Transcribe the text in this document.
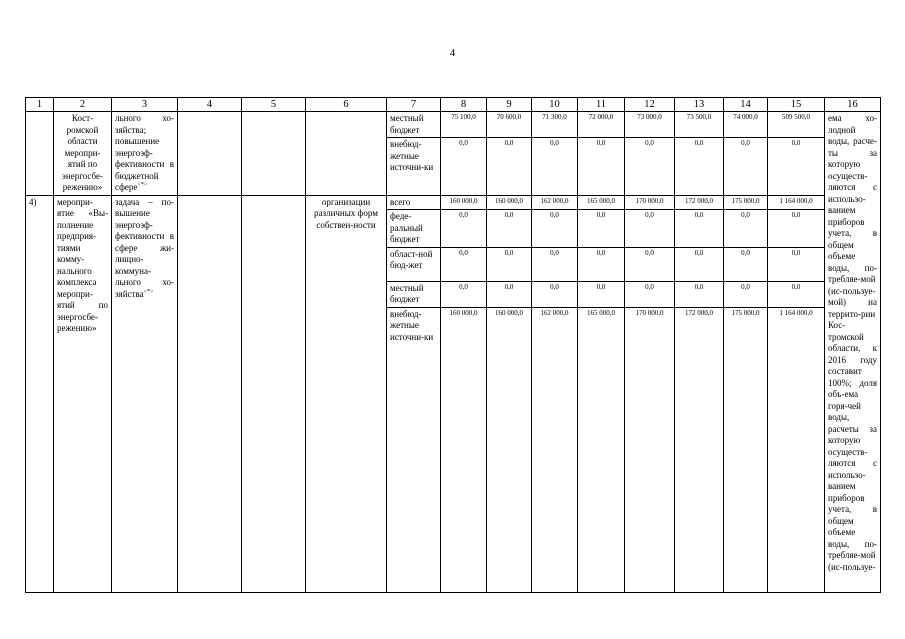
4
1	2	3	4	5	6	7	8	9	10	11	12	13	14	15	16
	Кост-ромской области меропри-ятий по энергосбе-режению»	льного хо-зяйства; повышение энергоэф-фективности в бюджетной сфере<*>				местный бюджет	75 100,0	70 600,0	71 300,0	72 000,0	73 000,0	73 500,0	74 000,0	509 500,0	ема хо-лодной воды, расче-ты за которую осуществ-ляются с использо-ванием приборов учета, в общем объеме воды, по-требляе-мой (ис-пользуе-мой) на террито-рии Кос-тромской области, к 2016 году составит 100%; доля объ-ема горя-чей воды, расчеты за которую осуществ-ляются с использо-ванием приборов учета, в общем объеме воды, по-требляе-мой (ис-пользуе-
						внебюд-жетные источни-ки	0,0	0,0	0,0	0,0	0,0	0,0	0,0	0,0	
4)	меропри-ятие «Вы-полнение предприя-тиями комму-нального комплекса меропри-ятий по энергосбе-режению»	задача – по-вышение энергоэф-фективности в сфере жи-лищно-коммуна-льного хо-зяйства<*>			организации различных форм собствен-ности	всего	160 000,0	160 000,0	162 000,0	165 000,0	170 000,0	172 000,0	175 000,0	1 164 000,0	
						феде-ральный бюджет	0,0	0,0	0,0	0,0	0,0	0,0	0,0	0,0	
						област-ной бюд-жет	0,0	0,0	0,0	0,0	0,0	0,0	0,0	0,0	
						местный бюджет	0,0	0,0	0,0	0,0	0,0	0,0	0,0	0,0	
						внебюд-жетные источни-ки	160 000,0	160 000,0	162 000,0	165 000,0	170 000,0	172 000,0	175 000,0	1 164 000,0	
